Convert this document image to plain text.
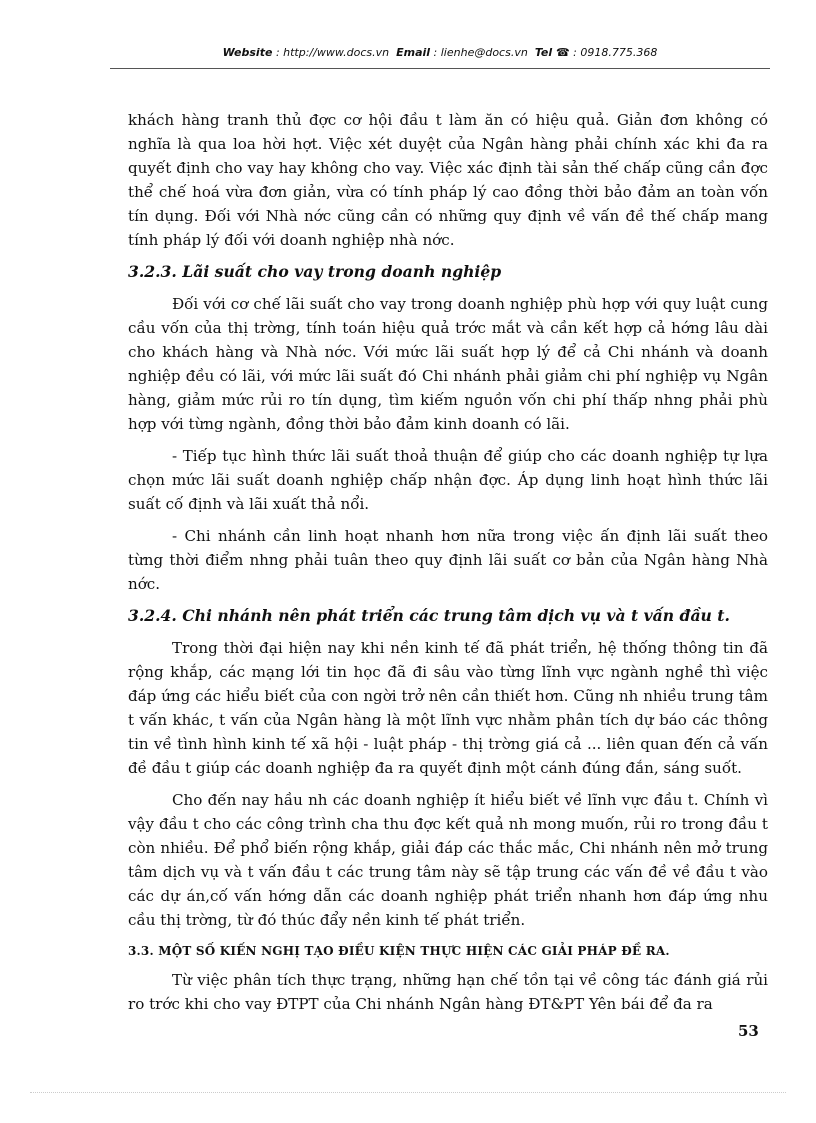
Website : http://www.docs.vn Email : lienhe@docs.vn Tel ☎ : 0918.775.368

khách hàng tranh thủ đợc cơ hội đầu t làm ăn có hiệu quả. Giản đơn không có nghĩa là qua loa hời hợt. Việc xét duyệt của Ngân hàng phải chính xác khi đa ra quyết định cho vay hay không cho vay. Việc xác định tài sản thế chấp cũng cần đợc thể chế hoá vừa đơn giản, vừa có tính pháp lý cao đồng thời bảo đảm an toàn vốn tín dụng. Đối với Nhà nớc cũng cần có những quy định về vấn đề thế chấp mang tính pháp lý đối với doanh nghiệp nhà nớc.

3.2.3. Lãi suất cho vay trong doanh nghiệp

Đối với cơ chế lãi suất cho vay trong doanh nghiệp phù hợp với quy luật cung cầu vốn của thị trờng, tính toán hiệu quả trớc mắt và cần kết hợp cả hớng lâu dài cho khách hàng và Nhà nớc. Với mức lãi suất hợp lý để cả Chi nhánh và doanh nghiệp đều có lãi, với mức lãi suất đó Chi nhánh phải giảm chi phí nghiệp vụ Ngân hàng, giảm mức rủi ro tín dụng, tìm kiếm nguồn vốn chi phí thấp nhng phải phù hợp với từng ngành, đồng thời bảo đảm kinh doanh có lãi.

- Tiếp tục hình thức lãi suất thoả thuận để giúp cho các doanh nghiệp tự lựa chọn mức lãi suất doanh nghiệp chấp nhận đợc. Áp dụng linh hoạt hình thức lãi suất cố định và lãi xuất thả nổi.

- Chi nhánh cần linh hoạt nhanh hơn nữa trong việc ấn định lãi suất theo từng thời điểm nhng phải tuân theo quy định lãi suất cơ bản của Ngân hàng Nhà nớc.

3.2.4. Chi nhánh nên phát triển các trung tâm dịch vụ và t vấn đầu t.

Trong thời đại hiện nay khi nền kinh tế đã phát triển, hệ thống thông tin đã rộng khắp, các mạng lới tin học đã đi sâu vào từng lĩnh vực ngành nghề thì việc đáp ứng các hiểu biết của con ngời trở nên cần thiết hơn. Cũng nh nhiều trung tâm t vấn khác, t vấn của Ngân hàng là một lĩnh vực nhằm phân tích dự báo các thông tin về tình hình kinh tế xã hội - luật pháp - thị trờng giá cả ... liên quan đến cả vấn đề đầu t giúp các doanh nghiệp đa ra quyết định một cánh đúng đắn, sáng suốt.

Cho đến nay hầu nh các doanh nghiệp ít hiểu biết về lĩnh vực đầu t. Chính vì vậy đầu t cho các công trình cha thu đợc kết quả nh mong muốn, rủi ro trong đầu t còn nhiều. Để phổ biến rộng khắp, giải đáp các thắc mắc, Chi nhánh nên mở trung tâm dịch vụ và t vấn đầu t các trung tâm này sẽ tập trung các vấn đề về đầu t vào các dự án,cố vấn hớng dẫn các doanh nghiệp phát triển nhanh hơn đáp ứng nhu cầu thị trờng, từ đó thúc đẩy nền kinh tế phát triển.

3.3. MỘT SỐ KIẾN NGHỊ TẠO ĐIỀU KIỆN THỰC HIỆN CÁC GIẢI PHÁP ĐỀ RA.

Từ việc phân tích thực trạng, những hạn chế tồn tại về công tác đánh giá rủi ro trớc khi cho vay ĐTPT của Chi nhánh Ngân hàng ĐT&PT Yên bái để đa ra

53
